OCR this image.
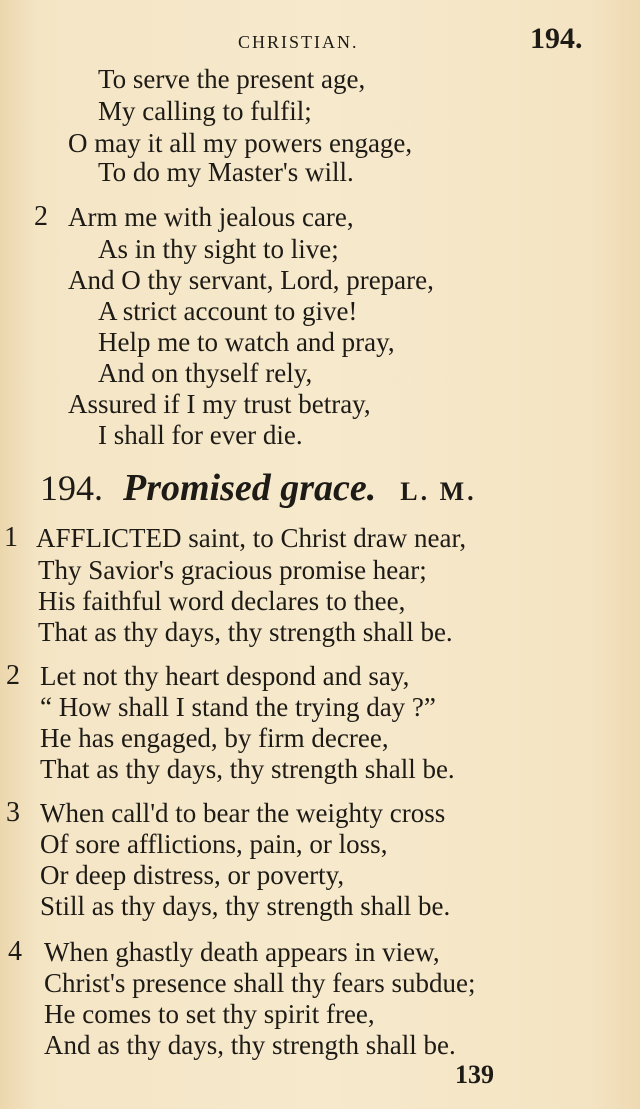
CHRISTIAN.	194.
To serve the present age,
My calling to fulfil;
O may it all my powers engage,
To do my Master's will.
2 Arm me with jealous care,
As in thy sight to live;
And O thy servant, Lord, prepare,
A strict account to give!
Help me to watch and pray,
And on thyself rely,
Assured if I my trust betray,
I shall for ever die.
194. Promised grace. L. M.
1 AFFLICTED saint, to Christ draw near,
Thy Savior's gracious promise hear;
His faithful word declares to thee,
That as thy days, thy strength shall be.
2 Let not thy heart despond and say,
“ How shall I stand the trying day ?”
He has engaged, by firm decree,
That as thy days, thy strength shall be.
3 When call'd to bear the weighty cross
Of sore afflictions, pain, or loss,
Or deep distress, or poverty,
Still as thy days, thy strength shall be.
4 When ghastly death appears in view,
Christ's presence shall thy fears subdue;
He comes to set thy spirit free,
And as thy days, thy strength shall be.
139
